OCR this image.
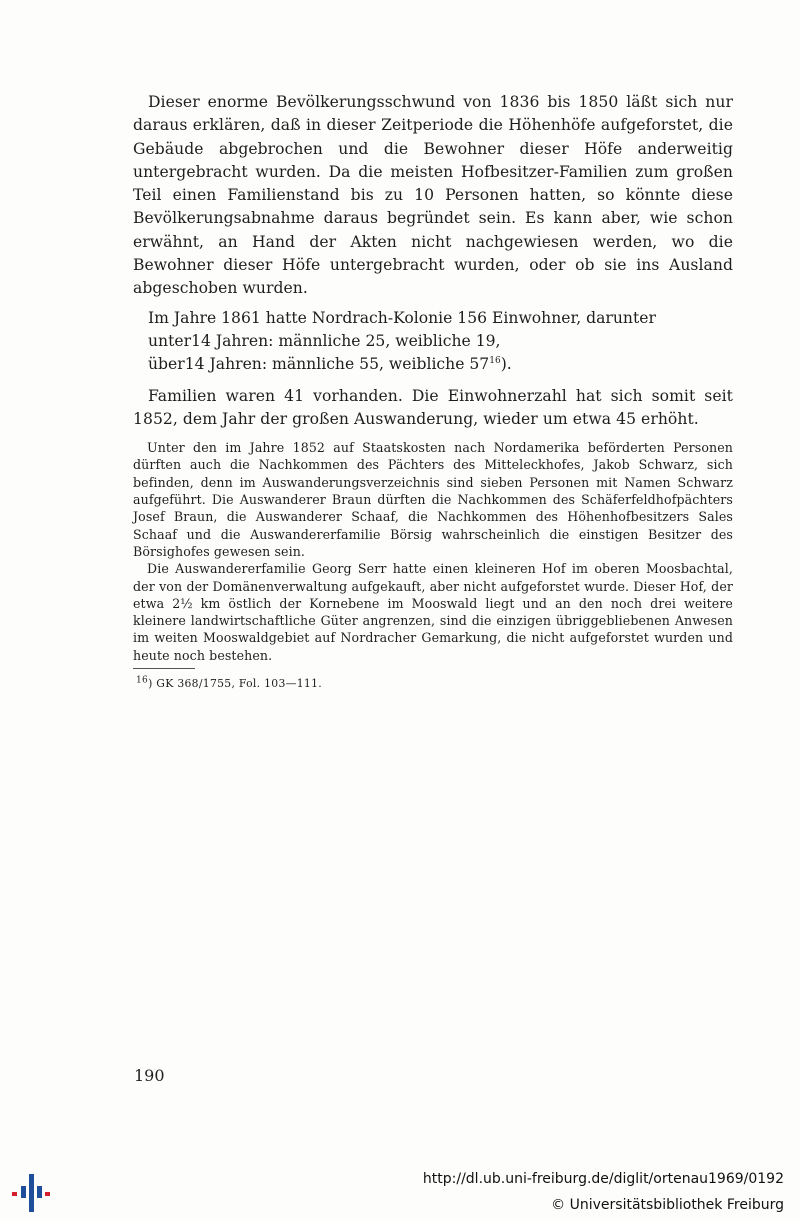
Dieser enorme Bevölkerungsschwund von 1836 bis 1850 läßt sich nur daraus erklären, daß in dieser Zeitperiode die Höhenhöfe aufgeforstet, die Gebäude abgebrochen und die Bewohner dieser Höfe anderweitig untergebracht wurden. Da die meisten Hofbesitzer-Familien zum großen Teil einen Familienstand bis zu 10 Personen hatten, so könnte diese Bevölkerungsabnahme daraus begründet sein. Es kann aber, wie schon erwähnt, an Hand der Akten nicht nachgewiesen werden, wo die Bewohner dieser Höfe untergebracht wurden, oder ob sie ins Ausland abgeschoben wurden.

Im Jahre 1861 hatte Nordrach-Kolonie 156 Einwohner, darunter

unter14 Jahren: männliche 25, weibliche 19,

über14 Jahren: männliche 55, weibliche $57^{16}$).

Familien waren 41 vorhanden. Die Einwohnerzahl hat sich somit seit 1852, dem Jahr der großen Auswanderung, wieder um etwa 45 erhöht.

Unter den im Jahre 1852 auf Staatskosten nach Nordamerika beförderten Personen dürften auch die Nachkommen des Pächters des Mitteleckhofes, Jakob Schwarz, sich befinden, denn im Auswanderungsverzeichnis sind sieben Personen mit Namen Schwarz aufgeführt. Die Auswanderer Braun dürften die Nachkommen des Schäferfeldhofpächters Josef Braun, die Auswanderer Schaaf, die Nachkommen des Höhenhofbesitzers Sales Schaaf und die Auswandererfamilie Börsig wahrscheinlich die einstigen Besitzer des Börsighofes gewesen sein.

Die Auswandererfamilie Georg Serr hatte einen kleineren Hof im oberen Moosbachtal, der von der Domänenverwaltung aufgekauft, aber nicht aufgeforstet wurde. Dieser Hof, der etwa 2½ km östlich der Kornebene im Mooswald liegt und an den noch drei weitere kleinere landwirtschaftliche Güter angrenzen, sind die einzigen übriggebliebenen Anwesen im weiten Mooswaldgebiet auf Nordracher Gemarkung, die nicht aufgeforstet wurden und heute noch bestehen.

$^{16}$) GK 368/1755, Fol. 103—111.

190
http://dl.ub.uni-freiburg.de/diglit/ortenau1969/0192
© Universitätsbibliothek Freiburg
